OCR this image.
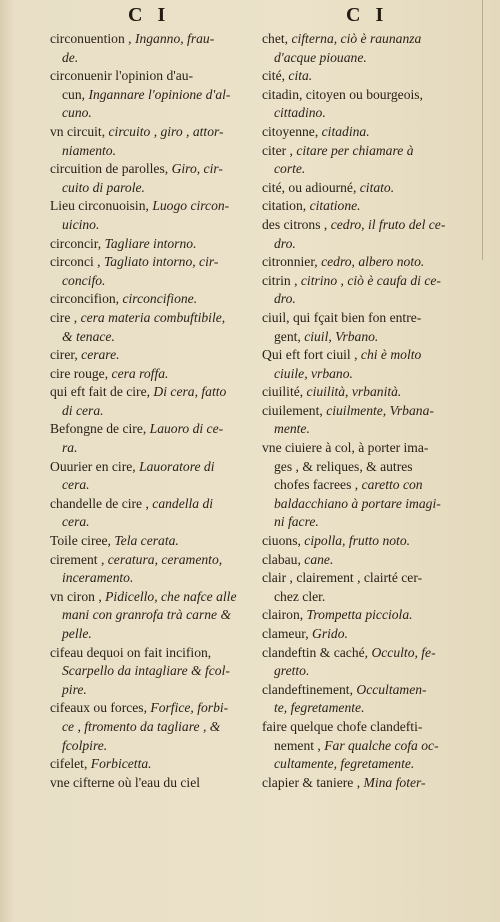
C I	C I
circonuention , Inganno, frau-
de.
circonuenir l'opinion d'au-
cun, Ingannare l'opinione d'al-
cuno.
vn circuit, circuito , giro , attor-
niamento.
circuition de parolles, Giro, cir-
cuito di parole.
Lieu circonuoisin, Luogo circon-
uicino.
circoncir, Tagliare intorno.
circonci , Tagliato intorno, cir-
concifo.
circoncifion, circoncifione.
cire , cera materia combuftibile,
& tenace.
cirer, cerare.
cire rouge, cera roffa.
qui eft fait de cire, Di cera, fatto
di cera.
Befongne de cire, Lauoro di ce-
ra.
Ouurier en cire, Lauoratore di
cera.
chandelle de cire , candella di
cera.
Toile ciree, Tela cerata.
cirement , ceratura, ceramento,
inceramento.
vn ciron , Pidicello, che nafce alle
mani con granrofa trà carne &
pelle.
cifeau dequoi on fait incifion,
Scarpello da intagliare & fcol-
pire.
cifeaux ou forces, Forfice, forbi-
ce , ftromento da tagliare , &
fcolpire.
cifelet, Forbicetta.
vne cifterne où l'eau du ciel
chet, cifterna, ciò è raunanza
d'acque piouane.
cité, citа.
citadin, citoyen ou bourgeois,
cittadino.
citoyenne, citadina.
citer , citare per chiamare à
corte.
cité, ou adiourné, citato.
citation, citatione.
des citrons , cedro, il fruto del ce-
dro.
citronnier, cedro, albero noto.
citrin , citrino , ciò è caufa di ce-
dro.
ciuil, qui fçait bien fon entre-
gent, ciuil, Vrbano.
Qui eft fort ciuil , chi è molto
ciuile, vrbano.
ciuilité, ciuilità, vrbanità.
ciuilement, ciuilmente, Vrbana-
mente.
vne ciuiere à col, à porter ima-
ges , & reliques, & autres
chofes facrees , caretto con
baldacchiano à portare imagi-
ni facre.
ciuons, cipolla, frutto noto.
clabau, cane.
clair , clairement , clairté cer-
chez cler.
clairon, Trompetta picciola.
clameur, Grido.
clandeftin & caché, Occulto, fe-
gretto.
clandeftinement, Occultamen-
te, fegretamente.
faire quelque chofe clandefti-
nement , Far qualche cofa oc-
cultamente, fegretamente.
clapier & taniere , Mina foter-
